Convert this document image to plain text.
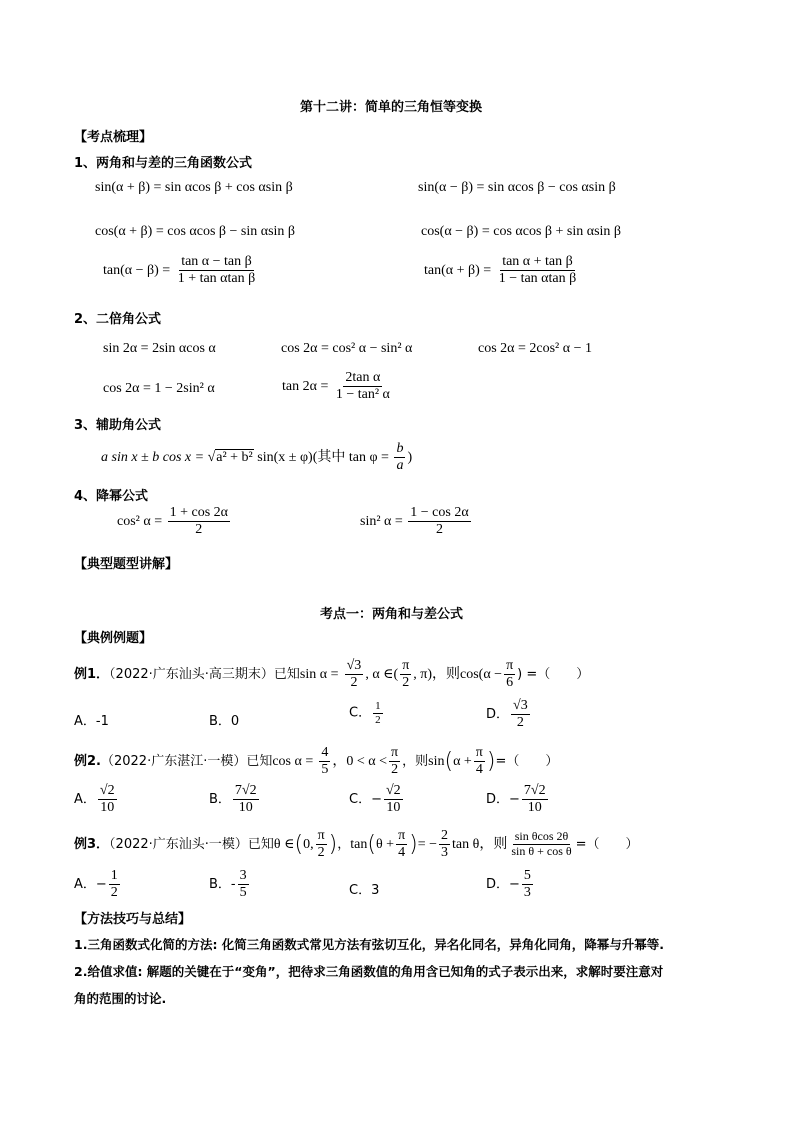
第十二讲：简单的三角恒等变换
【考点梳理】
1、两角和与差的三角函数公式
sin(α + β) = sin αcos β + cos αsin β	sin(α − β) = sin αcos β − cos αsin β
cos(α + β) = cos αcos β − sin αsin β	cos(α − β) = cos αcos β + sin αsin β
$\tan(\alpha - \beta) = \frac{\text{tan α − tan β}}{\text{1 + tan αtan β}}$	$\tan(\alpha + \beta) = \frac{\text{tan α + tan β}}{\text{1 − tan αtan β}}$
2、二倍角公式
sin 2α = 2sin αcos α	cos 2α = cos² α − sin² α	cos 2α = 2cos² α − 1
cos 2α = 1 − 2sin² α	$\tan 2\alpha = \frac{\text{2tan α}}{\text{1 − tan² α}}$
3、辅助角公式
a sin x ± b cos x = √a² + b² sin(x ± φ)(其中 $\tan \varphi = \frac{b}{a}$ )
4、降幂公式
cos² $\alpha = \frac{1 + \cos 2\alpha}{2}$	sin² $\alpha = \frac{1 - \cos 2\alpha}{2}$
【典型题型讲解】
考点一：两角和与差公式
【典例例题】
例1．（2022·广东汕头·高三期末）已知$\sin \alpha = \frac{√3}{2}$ , α ∈( $\frac{\pi}{2}$ , π)，则$\cos(\alpha - \frac{\pi}{6}$ ) =（　　）
A．-1	B．0
C． $\frac{1}{2}$	D． $\frac{√3}{2}$
例2.（2022·广东湛江·一模）已知$\cos \alpha = \frac{4}{5}$ ，$0 < \alpha < \frac{\pi}{2}$ ，则$\sin(\alpha + \frac{\pi}{4}$ )=（　　）
A． $\frac{√2}{10}$	B． $\frac{7√2}{10}$	C．− $\frac{√2}{10}$	D．− $\frac{7√2}{10}$
例3．（2022·广东汕头·一模）已知θ ∈(0, $\frac{\pi}{2}$ )，$\tan(\theta + \frac{\pi}{4}$ )= − $\frac{2}{3}$ tan θ，则 $\frac{\text{sin θcos 2θ}}{\text{sin θ + cos θ}}$ =（　　）
A．− $\frac{1}{2}$	B．- $\frac{3}{5}$	C．3	D．− $\frac{5}{3}$
【方法技巧与总结】
1.三角函数式化简的方法: 化简三角函数式常见方法有弦切互化，异名化同名，异角化同角，降幂与升幂等.
2.给值求值: 解题的关键在于“变角”，把待求三角函数值的角用含已知角的式子表示出来，求解时要注意对
角的范围的讨论.
